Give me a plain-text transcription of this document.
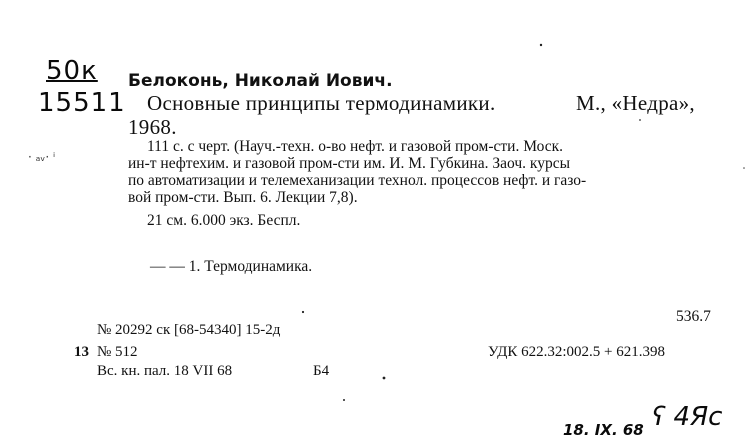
50к
15511
· ₐᵥ· ⁱ
Белоконь, Николай Иович.
Основные принципы термодинамики.	М., «Недра»,
1968.
111 с. с черт. (Науч.-техн. о-во нефт. и газовой пром-сти. Моск.
ин-т нефтехим. и газовой пром-сти им. И. М. Губкина. Заоч. курсы
по автоматизации и телемеханизации технол. процессов нефт. и газо-
вой пром-сти. Вып. 6. Лекции 7,8).
21 см. 6.000 экз. Беспл.
— — 1. Термодинамика.
536.7
№ 20292 ск [68-54340] 15-2д
13 № 512	УДК 622.32:002.5 + 621.398
Вс. кн. пал. 18 VII 68	Б4
18. IX. 68 ʕ 4Яс
